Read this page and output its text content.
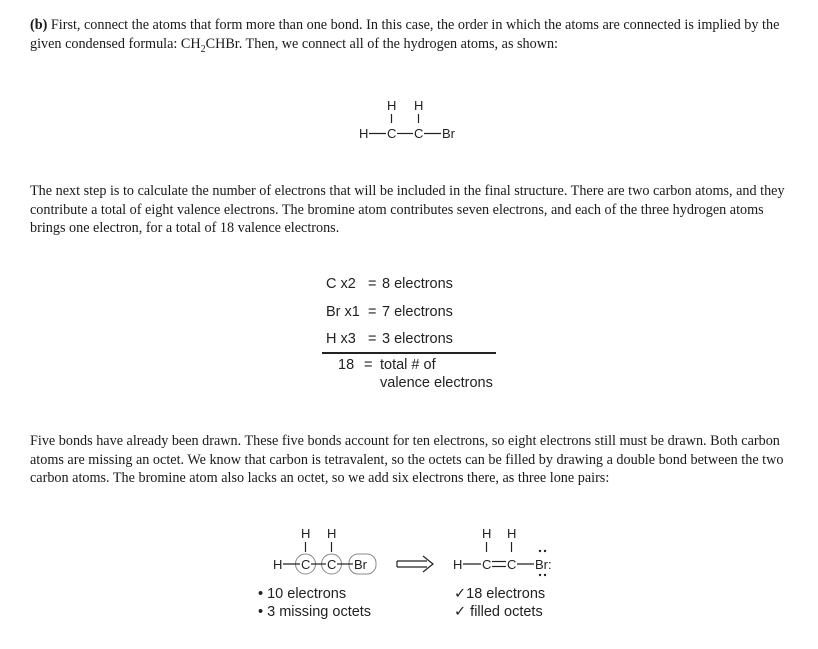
(b) First, connect the atoms that form more than one bond. In this case, the order in which the atoms are connected is implied by the given condensed formula: $CH_2CHBr$. Then, we connect all of the hydrogen atoms, as shown:
H H
H C C Br
The next step is to calculate the number of electrons that will be included in the final structure. There are two carbon atoms, and they contribute a total of eight valence electrons. The bromine atom contributes seven electrons, and each of the three hydrogen atoms brings one electron, for a total of 18 valence electrons.
C x2 = 8 electrons
Br x1 = 7 electrons
H x3 = 3 electrons
18 = total # of
valence electrons
Five bonds have already been drawn. These five bonds account for ten electrons, so eight electrons still must be drawn. Both carbon atoms are missing an octet. We know that carbon is tetravalent, so the octets can be filled by drawing a double bond between the two carbon atoms. The bromine atom also lacks an octet, so we add six electrons there, as three lone pairs:
H H
H C C Br
H H
H C C Br:
• 10 electrons
• 3 missing octets
✓18 electrons
✓ filled octets
